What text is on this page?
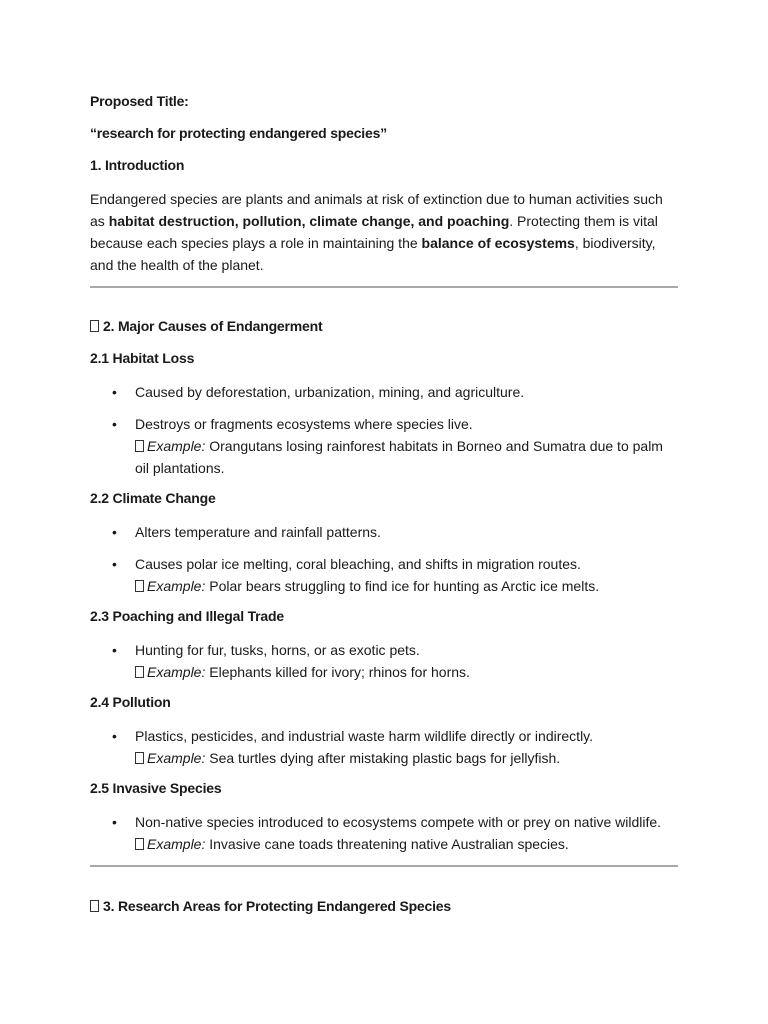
Proposed Title:
“research for protecting endangered species”
1. Introduction
Endangered species are plants and animals at risk of extinction due to human activities such as habitat destruction, pollution, climate change, and poaching. Protecting them is vital because each species plays a role in maintaining the balance of ecosystems, biodiversity, and the health of the planet.
2. Major Causes of Endangerment
2.1 Habitat Loss
• Caused by deforestation, urbanization, mining, and agriculture.
• Destroys or fragments ecosystems where species live.
Example: Orangutans losing rainforest habitats in Borneo and Sumatra due to palm oil plantations.
2.2 Climate Change
• Alters temperature and rainfall patterns.
• Causes polar ice melting, coral bleaching, and shifts in migration routes.
Example: Polar bears struggling to find ice for hunting as Arctic ice melts.
2.3 Poaching and Illegal Trade
• Hunting for fur, tusks, horns, or as exotic pets.
Example: Elephants killed for ivory; rhinos for horns.
2.4 Pollution
• Plastics, pesticides, and industrial waste harm wildlife directly or indirectly.
Example: Sea turtles dying after mistaking plastic bags for jellyfish.
2.5 Invasive Species
• Non-native species introduced to ecosystems compete with or prey on native wildlife.
Example: Invasive cane toads threatening native Australian species.
3. Research Areas for Protecting Endangered Species
